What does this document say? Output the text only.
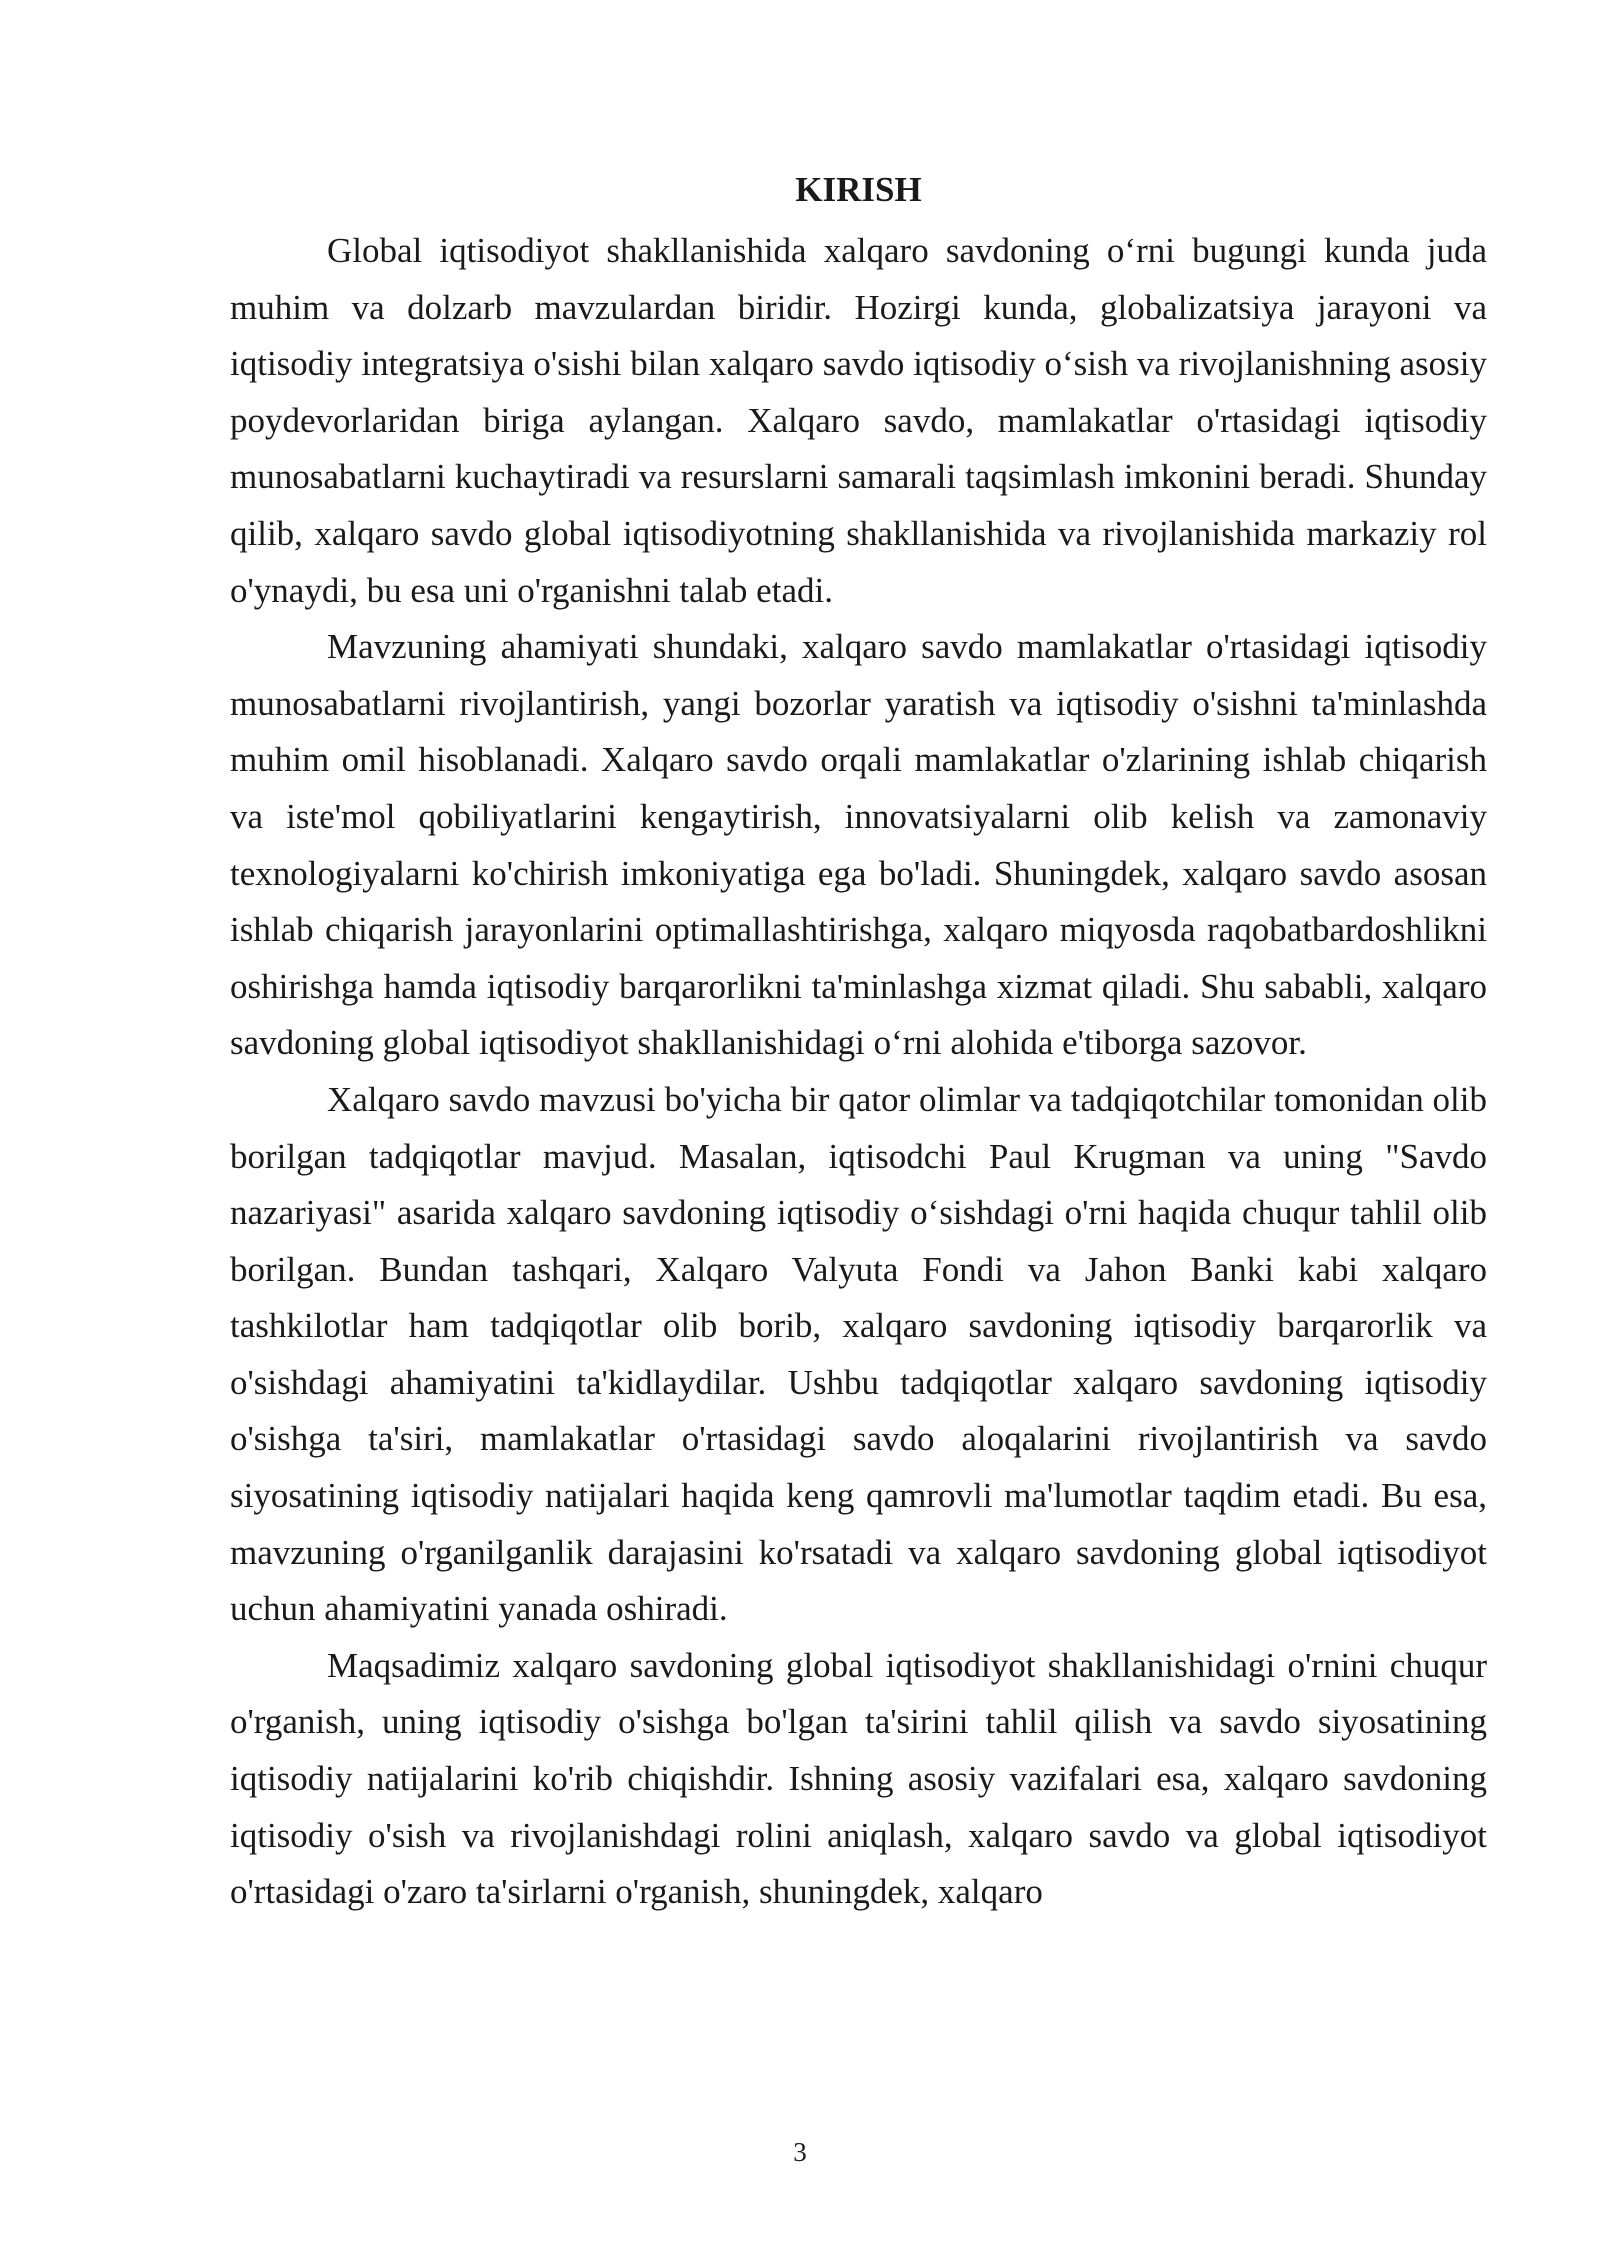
KIRISH

Global iqtisodiyot shakllanishida xalqaro savdoning o‘rni bugungi kunda juda muhim va dolzarb mavzulardan biridir. Hozirgi kunda, globalizatsiya jarayoni va iqtisodiy integratsiya o'sishi bilan xalqaro savdo iqtisodiy o‘sish va rivojlanishning asosiy poydevorlaridan biriga aylangan. Xalqaro savdo, mamlakatlar o'rtasidagi iqtisodiy munosabatlarni kuchaytiradi va resurslarni samarali taqsimlash imkonini beradi. Shunday qilib, xalqaro savdo global iqtisodiyotning shakllanishida va rivojlanishida markaziy rol o'ynaydi, bu esa uni o'rganishni talab etadi.

Mavzuning ahamiyati shundaki, xalqaro savdo mamlakatlar o'rtasidagi iqtisodiy munosabatlarni rivojlantirish, yangi bozorlar yaratish va iqtisodiy o'sishni ta'minlashda muhim omil hisoblanadi. Xalqaro savdo orqali mamlakatlar o'zlarining ishlab chiqarish va iste'mol qobiliyatlarini kengaytirish, innovatsiyalarni olib kelish va zamonaviy texnologiyalarni ko'chirish imkoniyatiga ega bo'ladi. Shuningdek, xalqaro savdo asosan ishlab chiqarish jarayonlarini optimallashtirishga, xalqaro miqyosda raqobatbardoshlikni oshirishga hamda iqtisodiy barqarorlikni ta'minlashga xizmat qiladi. Shu sababli, xalqaro savdoning global iqtisodiyot shakllanishidagi o‘rni alohida e'tiborga sazovor.

Xalqaro savdo mavzusi bo'yicha bir qator olimlar va tadqiqotchilar tomonidan olib borilgan tadqiqotlar mavjud. Masalan, iqtisodchi Paul Krugman va uning "Savdo nazariyasi" asarida xalqaro savdoning iqtisodiy o‘sishdagi o'rni haqida chuqur tahlil olib borilgan. Bundan tashqari, Xalqaro Valyuta Fondi va Jahon Banki kabi xalqaro tashkilotlar ham tadqiqotlar olib borib, xalqaro savdoning iqtisodiy barqarorlik va o'sishdagi ahamiyatini ta'kidlaydilar. Ushbu tadqiqotlar xalqaro savdoning iqtisodiy o'sishga ta'siri, mamlakatlar o'rtasidagi savdo aloqalarini rivojlantirish va savdo siyosatining iqtisodiy natijalari haqida keng qamrovli ma'lumotlar taqdim etadi. Bu esa, mavzuning o'rganilganlik darajasini ko'rsatadi va xalqaro savdoning global iqtisodiyot uchun ahamiyatini yanada oshiradi.

Maqsadimiz xalqaro savdoning global iqtisodiyot shakllanishidagi o'rnini chuqur o'rganish, uning iqtisodiy o'sishga bo'lgan ta'sirini tahlil qilish va savdo siyosatining iqtisodiy natijalarini ko'rib chiqishdir. Ishning asosiy vazifalari esa, xalqaro savdoning iqtisodiy o'sish va rivojlanishdagi rolini aniqlash, xalqaro savdo va global iqtisodiyot o'rtasidagi o'zaro ta'sirlarni o'rganish, shuningdek, xalqaro

3
